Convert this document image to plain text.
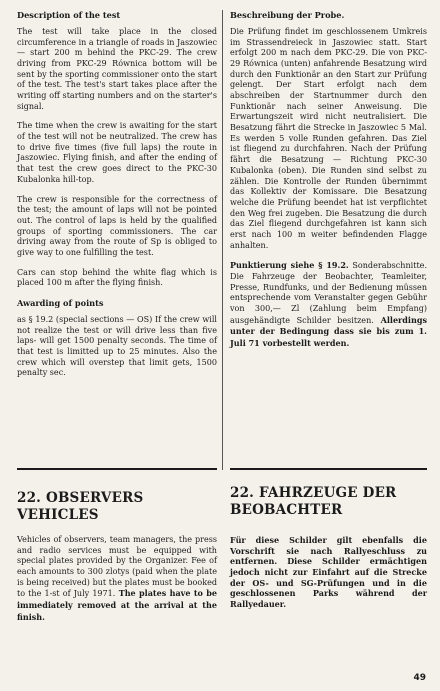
Description of the test

The test will take place in the closed circumference in a triangle of roads in Jaszowiec — start 200 m behind the PKC-29. The crew driving from PKC-29 Równica bottom will be sent by the sporting commissioner onto the start of the test. The test's start takes place after the writing off starting numbers and on the starter's signal.

The time when the crew is awaiting for the start of the test will not be neutralized. The crew has to drive five times (five full laps) the route in Jaszowiec. Flying finish, and after the ending of that test the crew goes direct to the PKC-30 Kubalonka hill-top.

The crew is responsible for the correctness of the test; the amount of laps will not be pointed out. The control of laps is held by the qualified groups of sporting commissioners. The car driving away from the route of Sp is obliged to give way to one fulfilling the test.

Cars can stop behind the white flag which is placed 100 m after the flying finish.

Awarding of points

as § 19.2 (special sections — OS) If the crew will not realize the test or will drive less than five laps- will get 1500 penalty seconds. The time of that test is limitted up to 25 minutes. Also the crew which will overstep that limit gets, 1500 penalty sec.

Beschreibung der Probe.

Die Prüfung findet im geschlossenem Umkreis im Strassendreieck in Jaszowiec statt. Start erfolgt 200 m nach dem PKC-29. Die von PKC-29 Równica (unten) anfahrende Besatzung wird durch den Funktionär an den Start zur Prüfung gelengt. Der Start erfolgt nach dem abschreiben der Startnummer durch den Funktionär nach seiner Anweisung. Die Erwartungszeit wird nicht neutralisiert. Die Besatzung fährt die Strecke in Jaszowiec 5 Mal. Es werden 5 volle Runden gefahren. Das Ziel ist fliegend zu durchfahren. Nach der Prüfung fährt die Besatzung — Richtung PKC-30 Kubalonka (oben). Die Runden sind selbst zu zählen. Die Kontrolle der Runden übernimmt das Kollektiv der Komissare. Die Besatzung welche die Prüfung beendet hat ist verpflichtet den Weg frei zugeben. Die Besatzung die durch das Ziel fliegend durchgefahren ist kann sich erst nach 100 m weiter befindenden Flagge anhalten.

Punktierung siehe § 19.2. Sonderabschnitte. Die Fahrzeuge der Beobachter, Teamleiter, Presse, Rundfunks, und der Bedienung müssen entsprechende vom Veranstalter gegen Gebühr von 300,— Zl (Zahlung beim Empfang) ausgehändigte Schilder besitzen. Allerdings unter der Bedingung dass sie bis zum 1. Juli 71 vorbestellt werden.

22. OBSERVERS VEHICLES
Vehicles of observers, team managers, the press and radio services must be equipped with special plates provided by the Organizer. Fee of each amounts to 300 zlotys (paid when the plate is being received) but the plates must be booked to the 1-st of July 1971. The plates have to be immediately removed at the arrival at the finish.
22. FAHRZEUGE DER BEOBACHTER
Für diese Schilder gilt ebenfalls die Vorschrift sie nach Rallyeschluss zu entfernen. Diese Schilder ermächtigen jedoch nicht zur Einfahrt auf die Strecke der OS- und SG-Prüfungen und in die geschlossenen Parks während der Rallyedauer.
49
